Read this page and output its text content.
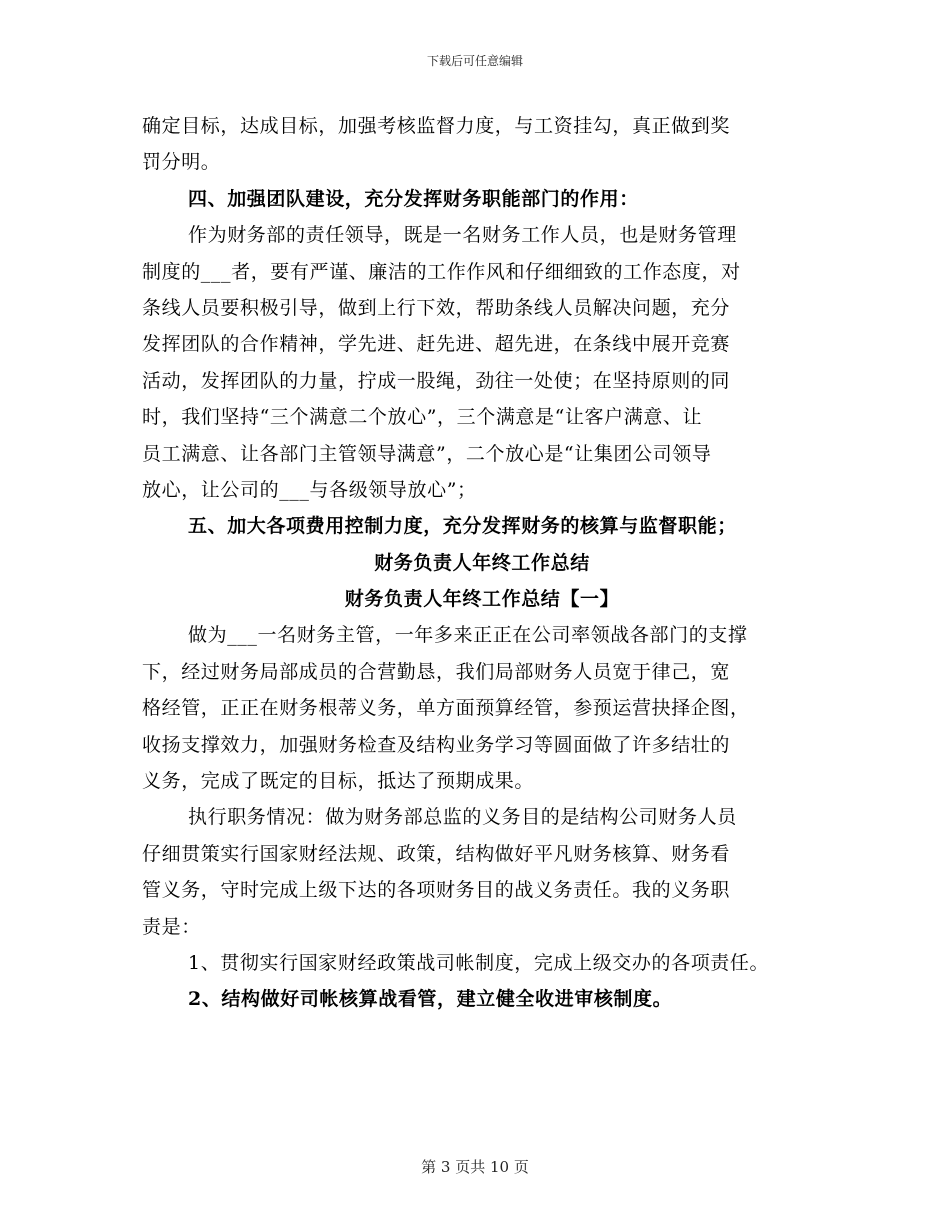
下载后可任意编辑
确定目标，达成目标，加强考核监督力度，与工资挂勾，真正做到奖
罚分明。
四、加强团队建设，充分发挥财务职能部门的作用：
作为财务部的责任领导，既是一名财务工作人员，也是财务管理
制度的___者，要有严谨、廉洁的工作作风和仔细细致的工作态度，对
条线人员要积极引导，做到上行下效，帮助条线人员解决问题，充分
发挥团队的合作精神，学先进、赶先进、超先进，在条线中展开竞赛
活动，发挥团队的力量，拧成一股绳，劲往一处使；在坚持原则的同
时，我们坚持“三个满意二个放心”，三个满意是“让客户满意、让
员工满意、让各部门主管领导满意”，二个放心是“让集团公司领导
放心，让公司的___与各级领导放心”；
五、加大各项费用控制力度，充分发挥财务的核算与监督职能；
财务负责人年终工作总结
财务负责人年终工作总结【一】
做为___一名财务主管，一年多来正正在公司率领战各部门的支撑
下，经过财务局部成员的合营勤恳，我们局部财务人员宽于律己，宽
格经管，正正在财务根蒂义务，单方面预算经管，参预运营抉择企图，
收扬支撑效力，加强财务检查及结构业务学习等圆面做了许多结壮的
义务，完成了既定的目标，抵达了预期成果。
执行职务情况：做为财务部总监的义务目的是结构公司财务人员
仔细贯策实行国家财经法规、政策，结构做好平凡财务核算、财务看
管义务，守时完成上级下达的各项财务目的战义务责任。我的义务职
责是：
1、贯彻实行国家财经政策战司帐制度，完成上级交办的各项责任。
2、结构做好司帐核算战看管，建立健全收进审核制度。
第 3 页共 10 页
